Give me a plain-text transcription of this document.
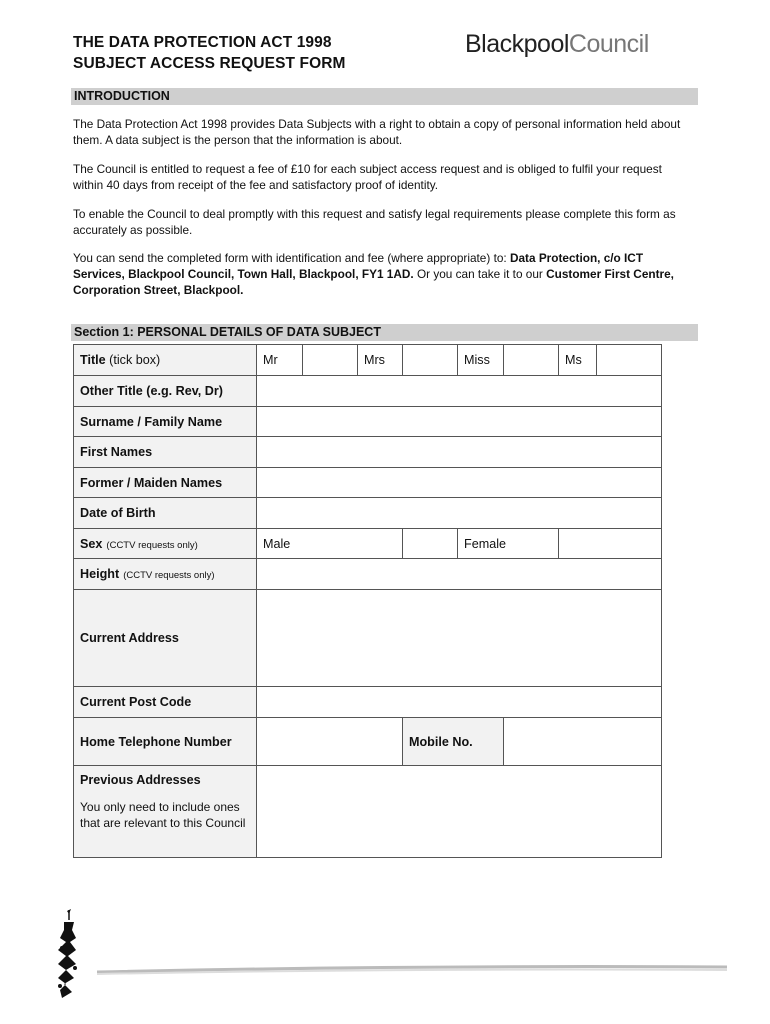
THE DATA PROTECTION ACT 1998
SUBJECT ACCESS REQUEST FORM
BlackpoolCouncil
INTRODUCTION
The Data Protection Act 1998 provides Data Subjects with a right to obtain a copy of personal information held about them. A data subject is the person that the information is about.
The Council is entitled to request a fee of £10 for each subject access request and is obliged to fulfil your request within 40 days from receipt of the fee and satisfactory proof of identity.
To enable the Council to deal promptly with this request and satisfy legal requirements please complete this form as accurately as possible.
You can send the completed form with identification and fee (where appropriate) to: Data Protection, c/o ICT Services, Blackpool Council, Town Hall, Blackpool, FY1 1AD. Or you can take it to our Customer First Centre, Corporation Street, Blackpool.
Section 1: PERSONAL DETAILS OF DATA SUBJECT
Title (tick box)	Mr		Mrs		Miss		Ms	
Other Title (e.g. Rev, Dr)								
Surname / Family Name								
First Names								
Former / Maiden Names								
Date of Birth								
Sex (CCTV requests only)	Male				Female			
Height (CCTV requests only)								
Current Address								
Current Post Code								
Home Telephone Number				Mobile No.				

Previous Addresses
You only need to include ones that are relevant to this Council								
